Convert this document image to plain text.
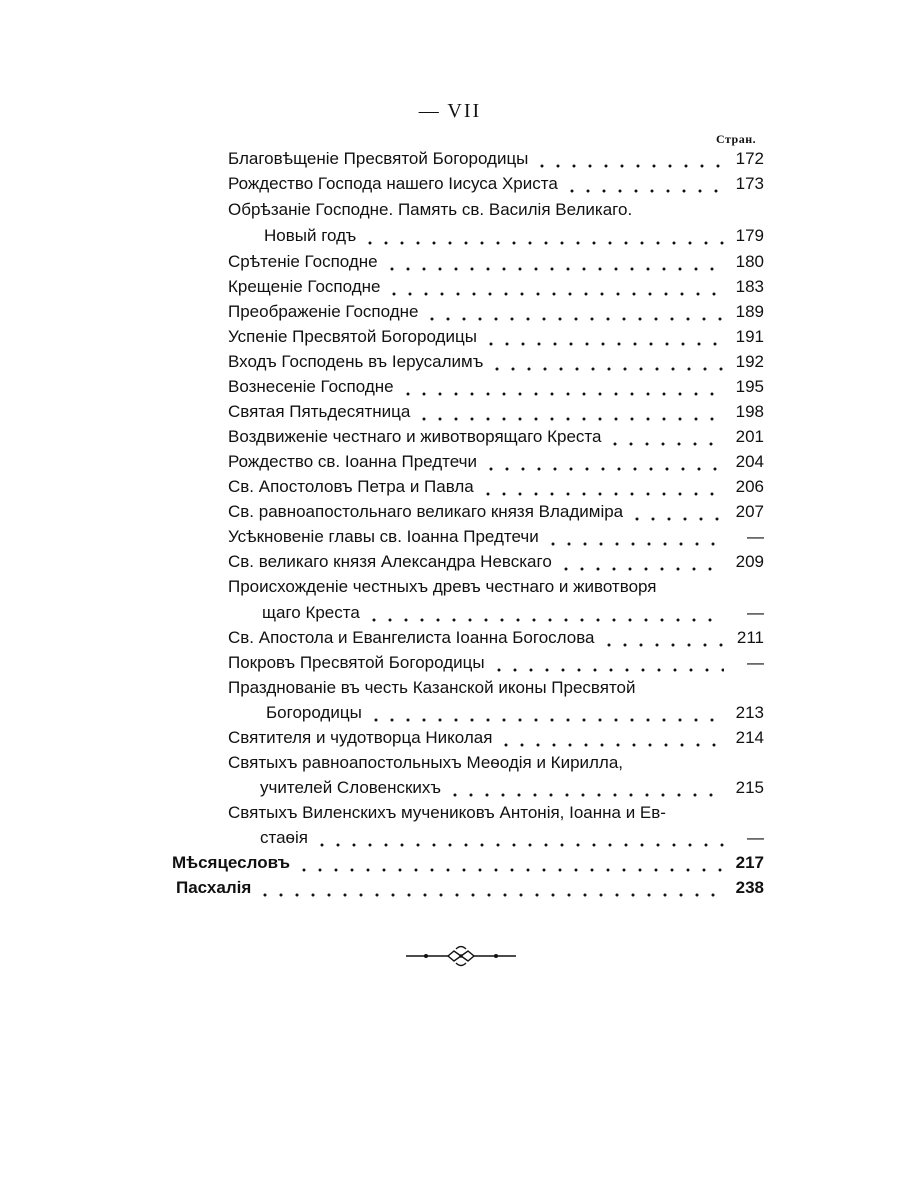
— VII
Стран.
Благовѣщеніе Пресвятой Богородицы	172
Рождество Господа нашего Іисуса Христа	173
Обрѣзаніе Господне. Память св. Василія Великаго.
Новый годъ	179
Срѣтеніе Господне	180
Крещеніе Господне	183
Преображеніе Господне	189
Успеніе Пресвятой Богородицы	191
Входъ Господень въ Іерусалимъ	192
Вознесеніе Господне	195
Святая Пятьдесятница	198
Воздвиженіе честнаго и животворящаго Креста	201
Рождество св. Іоанна Предтечи	204
Св. Апостоловъ Петра и Павла	206
Св. равноапостольнаго великаго князя Владиміра	207
Усѣкновеніе главы св. Іоанна Предтечи	—
Св. великаго князя Александра Невскаго	209
Происхожденіе честныхъ древъ честнаго и животворя
щаго Креста	—
Св. Апостола и Евангелиста Іоанна Богослова	211
Покровъ Пресвятой Богородицы	—
Празднованіе въ честь Казанской иконы Пресвятой
Богородицы	213
Святителя и чудотворца Николая	214
Святыхъ равноапостольныхъ Меѳодія и Кирилла,
учителей Словенскихъ	215
Святыхъ Виленскихъ мучениковъ Антонія, Іоанна и Ев-
стаѳія	—
Мѣсяцесловъ	217
Пасхалія	238
